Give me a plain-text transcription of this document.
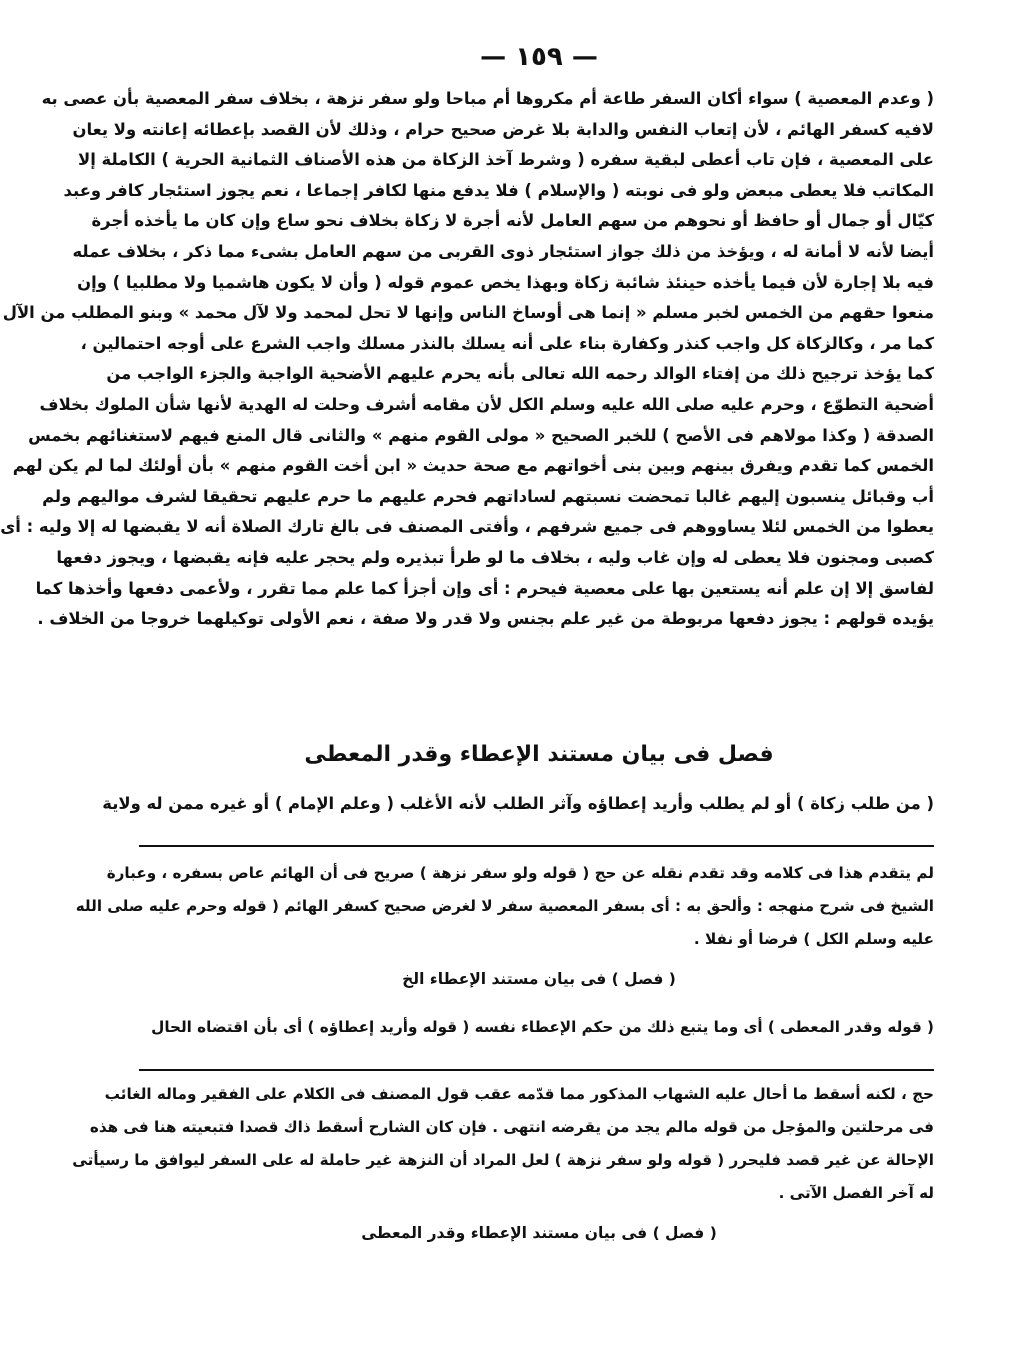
— ١٥٩ —
( وعدم المعصية ) سواء أكان السفر طاعة أم مكروها أم مباحا ولو سفر نزهة ، بخلاف سفر المعصية بأن عصى به
لافيه كسفر الهائم ، لأن إتعاب النفس والدابة بلا غرض صحيح حرام ، وذلك لأن القصد بإعطائه إعانته ولا يعان
على المعصية ، فإن تاب أعطى لبقية سفره ( وشرط آخذ الزكاة من هذه الأصناف الثمانية الحرية ) الكاملة إلا
المكاتب فلا يعطى مبعض ولو فى نوبته ( والإسلام ) فلا يدفع منها لكافر إجماعا ، نعم يجوز استئجار كافر وعبد
كيّال أو جمال أو حافظ أو نحوهم من سهم العامل لأنه أجرة لا زكاة بخلاف نحو ساع وإن كان ما يأخذه أجرة
أيضا لأنه لا أمانة له ، ويؤخذ من ذلك جواز استئجار ذوى القربى من سهم العامل بشىء مما ذكر ، بخلاف عمله
فيه بلا إجارة لأن فيما يأخذه حينئذ شائبة زكاة وبهذا يخص عموم قوله ( وأن لا يكون هاشميا ولا مطلبيا ) وإن
منعوا حقهم من الخمس لخبر مسلم « إنما هى أوساخ الناس وإنها لا تحل لمحمد ولا لآل محمد » وبنو المطلب من الآل
كما مر ، وكالزكاة كل واجب كنذر وكفارة بناء على أنه يسلك بالنذر مسلك واجب الشرع على أوجه احتمالين ،
كما يؤخذ ترجيح ذلك من إفتاء الوالد رحمه الله تعالى بأنه يحرم عليهم الأضحية الواجبة والجزء الواجب من
أضحية التطوّع ، وحرم عليه صلى الله عليه وسلم الكل لأن مقامه أشرف وحلت له الهدية لأنها شأن الملوك بخلاف
الصدقة ( وكذا مولاهم فى الأصح ) للخبر الصحيح « مولى القوم منهم » والثانى قال المنع فيهم لاستغنائهم بخمس
الخمس كما تقدم ويفرق بينهم وبين بنى أخواتهم مع صحة حديث « ابن أخت القوم منهم » بأن أولئك لما لم يكن لهم
أب وقبائل ينسبون إليهم غالبا تمحضت نسبتهم لساداتهم فحرم عليهم ما حرم عليهم تحقيقا لشرف مواليهم ولم
يعطوا من الخمس لئلا يساووهم فى جميع شرفهم ، وأفتى المصنف فى بالغ تارك الصلاة أنه لا يقبضها له إلا وليه : أى
كصبى ومجنون فلا يعطى له وإن غاب وليه ، بخلاف ما لو طرأ تبذيره ولم يحجر عليه فإنه يقبضها ، ويجوز دفعها
لفاسق إلا إن علم أنه يستعين بها على معصية فيحرم : أى وإن أجزأ كما علم مما تقرر ، ولأعمى دفعها وأخذها كما
يؤيده قولهم : يجوز دفعها مربوطة من غير علم بجنس ولا قدر ولا صفة ، نعم الأولى توكيلهما خروجا من الخلاف .
فصل فى بيان مستند الإعطاء وقدر المعطى
( من طلب زكاة ) أو لم يطلب وأريد إعطاؤه وآثر الطلب لأنه الأغلب ( وعلم الإمام ) أو غيره ممن له ولاية
لم يتقدم هذا فى كلامه وقد تقدم نقله عن حج ( قوله ولو سفر نزهة ) صريح فى أن الهائم عاص بسفره ، وعبارة
الشيخ فى شرح منهجه : وألحق به : أى بسفر المعصية سفر لا لغرض صحيح كسفر الهائم ( قوله وحرم عليه صلى الله
عليه وسلم الكل ) فرضا أو نفلا .
( فصل ) فى بيان مستند الإعطاء الخ
( قوله وقدر المعطى ) أى وما يتبع ذلك من حكم الإعطاء نفسه ( قوله وأريد إعطاؤه ) أى بأن اقتضاه الحال
حج ، لكنه أسقط ما أحال عليه الشهاب المذكور مما قدّمه عقب قول المصنف فى الكلام على الفقير وماله الغائب
فى مرحلتين والمؤجل من قوله مالم يجد من يقرضه انتهى . فإن كان الشارح أسقط ذاك قصدا فتبعيته هنا فى هذه
الإحالة عن غير قصد فليحرر ( قوله ولو سفر نزهة ) لعل المراد أن النزهة غير حاملة له على السفر ليوافق ما رسيأتى
له آخر الفصل الآتى .
( فصل ) فى بيان مستند الإعطاء وقدر المعطى
